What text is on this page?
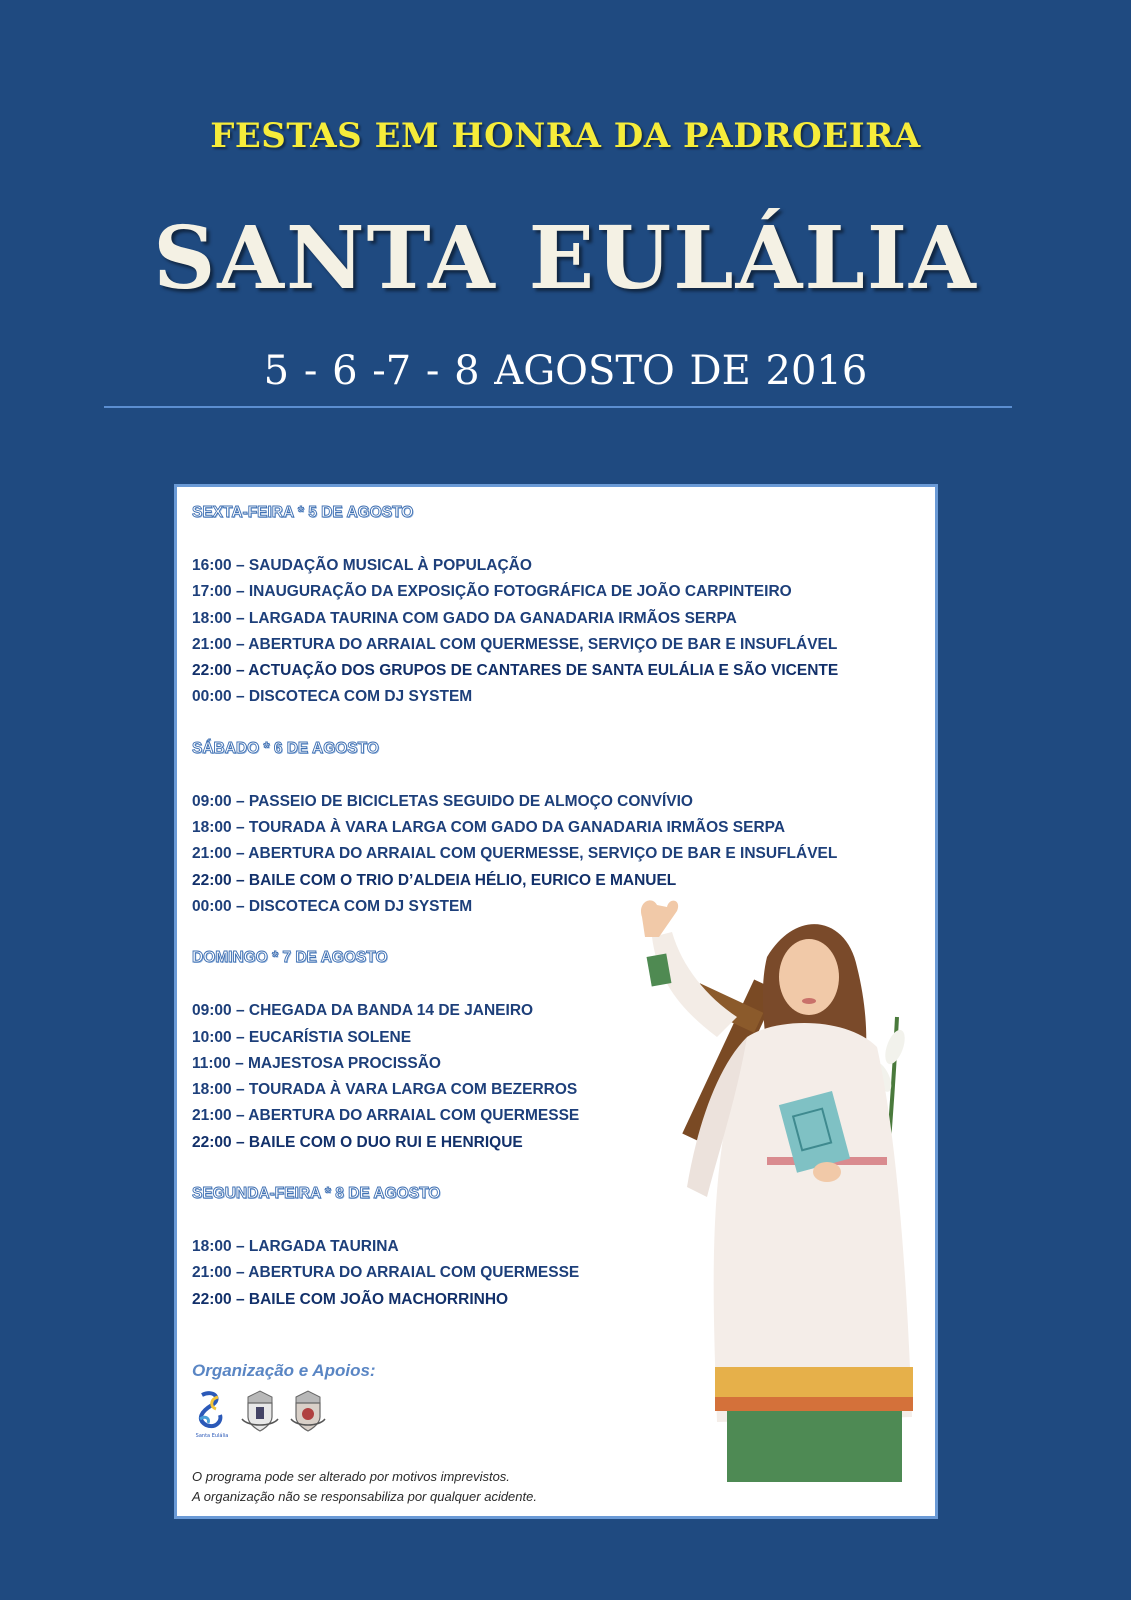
FESTAS EM HONRA DA PADROEIRA
SANTA EULÁLIA
5 - 6 -7 - 8 AGOSTO DE 2016
SEXTA-FEIRA * 5 DE AGOSTO
16:00 – SAUDAÇÃO MUSICAL À POPULAÇÃO
17:00 – INAUGURAÇÃO DA EXPOSIÇÃO FOTOGRÁFICA DE JOÃO CARPINTEIRO
18:00 – LARGADA TAURINA COM GADO DA GANADARIA IRMÃOS SERPA
21:00 – ABERTURA DO ARRAIAL COM QUERMESSE, SERVIÇO DE BAR E INSUFLÁVEL
22:00 – ACTUAÇÃO DOS GRUPOS DE CANTARES DE SANTA EULÁLIA E SÃO VICENTE
00:00 – DISCOTECA COM DJ SYSTEM
SÁBADO * 6 DE AGOSTO
09:00 – PASSEIO DE BICICLETAS SEGUIDO DE ALMOÇO CONVÍVIO
18:00 – TOURADA À VARA LARGA COM GADO DA GANADARIA IRMÃOS SERPA
21:00 – ABERTURA DO ARRAIAL COM QUERMESSE, SERVIÇO DE BAR E INSUFLÁVEL
22:00 – BAILE COM O TRIO D’ALDEIA HÉLIO, EURICO E MANUEL
00:00 – DISCOTECA COM DJ SYSTEM
DOMINGO * 7 DE AGOSTO
09:00 – CHEGADA DA BANDA 14 DE JANEIRO
10:00 – EUCARÍSTIA SOLENE
11:00 – MAJESTOSA PROCISSÃO
18:00 – TOURADA À VARA LARGA COM BEZERROS
21:00 – ABERTURA DO ARRAIAL COM QUERMESSE
22:00 – BAILE COM O DUO RUI E HENRIQUE
SEGUNDA-FEIRA * 8 DE AGOSTO
18:00 – LARGADA TAURINA
21:00 – ABERTURA DO ARRAIAL COM QUERMESSE
22:00 – BAILE COM JOÃO MACHORRINHO
Organização e Apoios:
Santa Eulália
O programa pode ser alterado por motivos imprevistos.
A organização não se responsabiliza por qualquer acidente.
